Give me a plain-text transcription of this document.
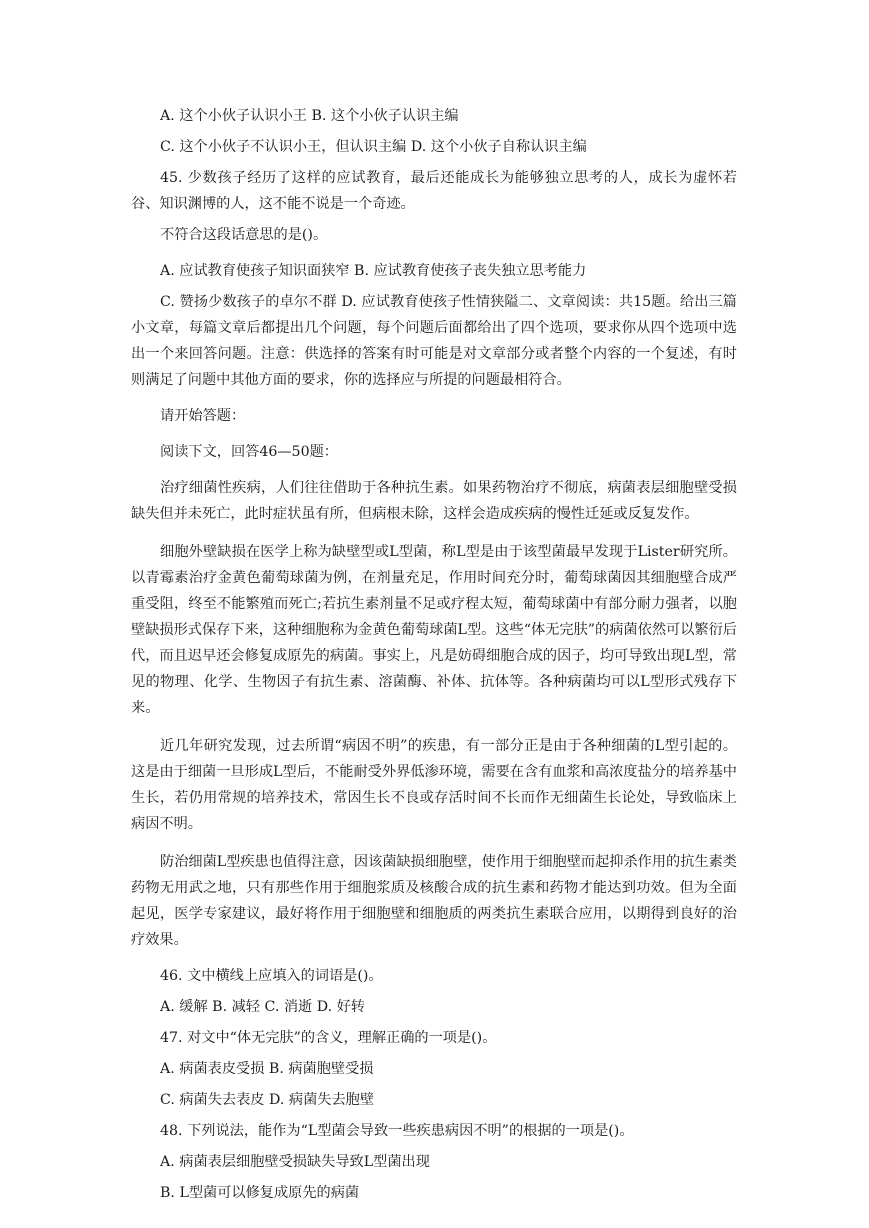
A. 这个小伙子认识小王 B. 这个小伙子认识主编

C. 这个小伙子不认识小王，但认识主编 D. 这个小伙子自称认识主编

45. 少数孩子经历了这样的应试教育，最后还能成长为能够独立思考的人，成长为虚怀若谷、知识渊博的人，这不能不说是一个奇迹。

不符合这段话意思的是()。

A. 应试教育使孩子知识面狭窄 B. 应试教育使孩子丧失独立思考能力

C. 赞扬少数孩子的卓尔不群 D. 应试教育使孩子性情狭隘二、文章阅读：共15题。给出三篇小文章，每篇文章后都提出几个问题，每个问题后面都给出了四个选项，要求你从四个选项中选出一个来回答问题。注意：供选择的答案有时可能是对文章部分或者整个内容的一个复述，有时则满足了问题中其他方面的要求，你的选择应与所提的问题最相符合。

请开始答题：

阅读下文，回答46—50题：

治疗细菌性疾病，人们往往借助于各种抗生素。如果药物治疗不彻底，病菌表层细胞壁受损缺失但并未死亡，此时症状虽有所，但病根未除，这样会造成疾病的慢性迁延或反复发作。

细胞外壁缺损在医学上称为缺壁型或L型菌，称L型是由于该型菌最早发现于Lister研究所。以青霉素治疗金黄色葡萄球菌为例，在剂量充足，作用时间充分时，葡萄球菌因其细胞壁合成严重受阻，终至不能繁殖而死亡;若抗生素剂量不足或疗程太短，葡萄球菌中有部分耐力强者，以胞壁缺损形式保存下来，这种细胞称为金黄色葡萄球菌L型。这些“体无完肤”的病菌依然可以繁衍后代，而且迟早还会修复成原先的病菌。事实上，凡是妨碍细胞合成的因子，均可导致出现L型，常见的物理、化学、生物因子有抗生素、溶菌酶、补体、抗体等。各种病菌均可以L型形式残存下来。

近几年研究发现，过去所谓“病因不明”的疾患，有一部分正是由于各种细菌的L型引起的。这是由于细菌一旦形成L型后，不能耐受外界低渗环境，需要在含有血浆和高浓度盐分的培养基中生长，若仍用常规的培养技术，常因生长不良或存活时间不长而作无细菌生长论处，导致临床上病因不明。

防治细菌L型疾患也值得注意，因该菌缺损细胞壁，使作用于细胞壁而起抑杀作用的抗生素类药物无用武之地，只有那些作用于细胞浆质及核酸合成的抗生素和药物才能达到功效。但为全面起见，医学专家建议，最好将作用于细胞壁和细胞质的两类抗生素联合应用，以期得到良好的治疗效果。

46. 文中横线上应填入的词语是()。

A. 缓解 B. 减轻 C. 消逝 D. 好转

47. 对文中“体无完肤”的含义，理解正确的一项是()。

A. 病菌表皮受损 B. 病菌胞壁受损

C. 病菌失去表皮 D. 病菌失去胞壁

48. 下列说法，能作为“L型菌会导致一些疾患病因不明”的根据的一项是()。

A. 病菌表层细胞壁受损缺失导致L型菌出现

B. L型菌可以修复成原先的病菌
